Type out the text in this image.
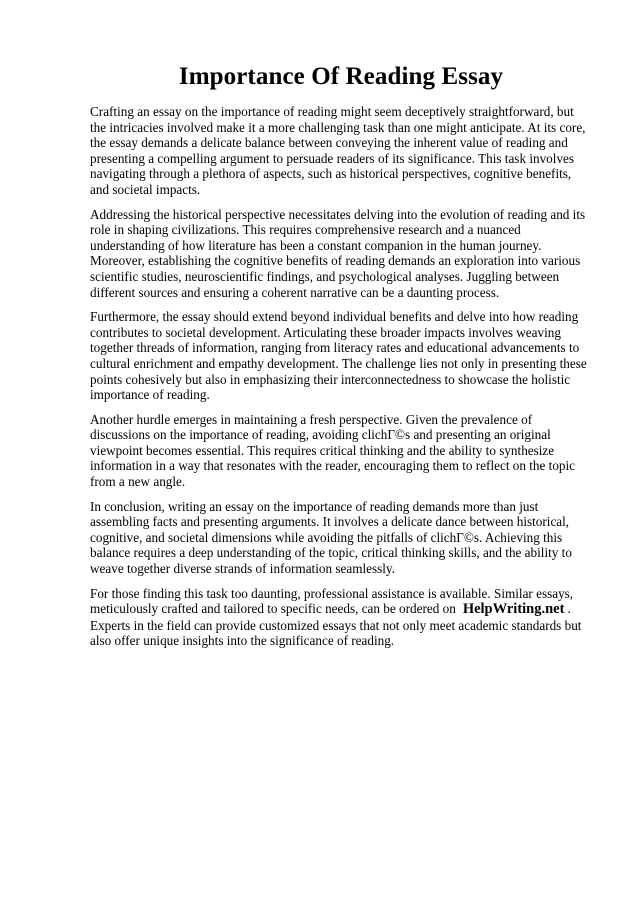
Importance Of Reading Essay

Crafting an essay on the importance of reading might seem deceptively straightforward, but the intricacies involved make it a more challenging task than one might anticipate. At its core, the essay demands a delicate balance between conveying the inherent value of reading and presenting a compelling argument to persuade readers of its significance. This task involves navigating through a plethora of aspects, such as historical perspectives, cognitive benefits, and societal impacts.

Addressing the historical perspective necessitates delving into the evolution of reading and its role in shaping civilizations. This requires comprehensive research and a nuanced understanding of how literature has been a constant companion in the human journey. Moreover, establishing the cognitive benefits of reading demands an exploration into various scientific studies, neuroscientific findings, and psychological analyses. Juggling between different sources and ensuring a coherent narrative can be a daunting process.

Furthermore, the essay should extend beyond individual benefits and delve into how reading contributes to societal development. Articulating these broader impacts involves weaving together threads of information, ranging from literacy rates and educational advancements to cultural enrichment and empathy development. The challenge lies not only in presenting these points cohesively but also in emphasizing their interconnectedness to showcase the holistic importance of reading.

Another hurdle emerges in maintaining a fresh perspective. Given the prevalence of discussions on the importance of reading, avoiding clichГ©s and presenting an original viewpoint becomes essential. This requires critical thinking and the ability to synthesize information in a way that resonates with the reader, encouraging them to reflect on the topic from a new angle.

In conclusion, writing an essay on the importance of reading demands more than just assembling facts and presenting arguments. It involves a delicate dance between historical, cognitive, and societal dimensions while avoiding the pitfalls of clichГ©s. Achieving this balance requires a deep understanding of the topic, critical thinking skills, and the ability to weave together diverse strands of information seamlessly.

For those finding this task too daunting, professional assistance is available. Similar essays, meticulously crafted and tailored to specific needs, can be ordered on HelpWriting.net . Experts in the field can provide customized essays that not only meet academic standards but also offer unique insights into the significance of reading.
